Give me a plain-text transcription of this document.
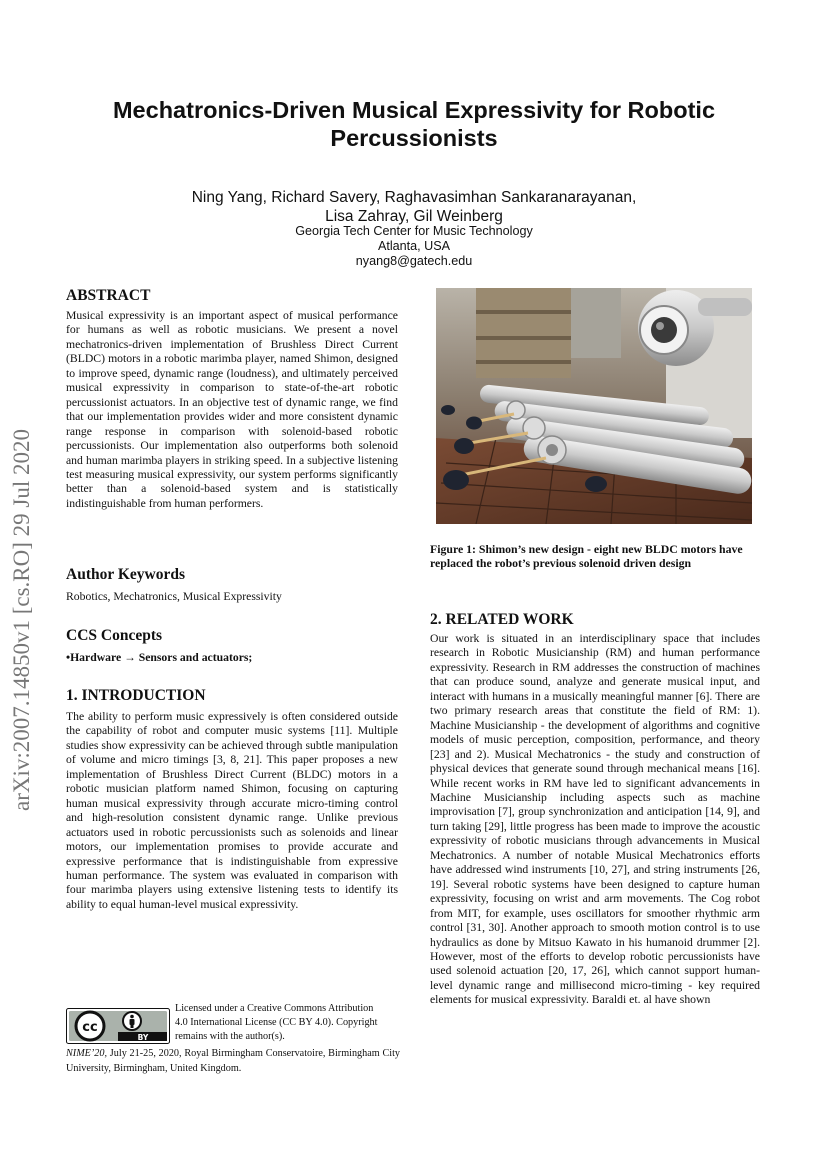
Mechatronics-Driven Musical Expressivity for Robotic Percussionists
Ning Yang, Richard Savery, Raghavasimhan Sankaranarayanan,
Lisa Zahray, Gil Weinberg
Georgia Tech Center for Music Technology
Atlanta, USA
nyang8@gatech.edu
arXiv:2007.14850v1 [cs.RO] 29 Jul 2020
ABSTRACT

Musical expressivity is an important aspect of musical performance for humans as well as robotic musicians. We present a novel mechatronics-driven implementation of Brushless Direct Current (BLDC) motors in a robotic marimba player, named Shimon, designed to improve speed, dynamic range (loudness), and ultimately perceived musical expressivity in comparison to state-of-the-art robotic percussionist actuators. In an objective test of dynamic range, we find that our implementation provides wider and more consistent dynamic range response in comparison with solenoid-based robotic percussionists. Our implementation also outperforms both solenoid and human marimba players in striking speed. In a subjective listening test measuring musical expressivity, our system performs significantly better than a solenoid-based system and is statistically indistinguishable from human performers.

Author Keywords

Robotics, Mechatronics, Musical Expressivity

CCS Concepts

•Hardware → Sensors and actuators;

1. INTRODUCTION

The ability to perform music expressively is often considered outside the capability of robot and computer music systems [11]. Multiple studies show expressivity can be achieved through subtle manipulation of volume and micro timings [3, 8, 21]. This paper proposes a new implementation of Brushless Direct Current (BLDC) motors in a robotic musician platform named Shimon, focusing on capturing human musical expressivity through accurate micro-timing control and high-resolution consistent dynamic range. Unlike previous actuators used in robotic percussionists such as solenoids and linear motors, our implementation promises to provide accurate and expressive performance that is indistinguishable from expressive human performance. The system was evaluated in comparison with four marimba players using extensive listening tests to identify its ability to equal human-level musical expressivity.

cc
BY
Licensed under a Creative Commons Attribution
4.0 International License (CC BY 4.0). Copyright
remains with the author(s).
NIME’20, July 21-25, 2020, Royal Birmingham Conservatoire, Birmingham City University, Birmingham, United Kingdom.
Figure 1: Shimon’s new design - eight new BLDC motors have replaced the robot’s previous solenoid driven design
2. RELATED WORK

Our work is situated in an interdisciplinary space that includes research in Robotic Musicianship (RM) and human performance expressivity. Research in RM addresses the construction of machines that can produce sound, analyze and generate musical input, and interact with humans in a musically meaningful manner [6]. There are two primary research areas that constitute the field of RM: 1). Machine Musicianship - the development of algorithms and cognitive models of music perception, composition, performance, and theory [23] and 2). Musical Mechatronics - the study and construction of physical devices that generate sound through mechanical means [16]. While recent works in RM have led to significant advancements in Machine Musicianship including aspects such as machine improvisation [7], group synchronization and anticipation [14, 9], and turn taking [29], little progress has been made to improve the acoustic expressivity of robotic musicians through advancements in Musical Mechatronics. A number of notable Musical Mechatronics efforts have addressed wind instruments [10, 27], and string instruments [26, 19]. Several robotic systems have been designed to capture human expressivity, focusing on wrist and arm movements. The Cog robot from MIT, for example, uses oscillators for smoother rhythmic arm control [31, 30]. Another approach to smooth motion control is to use hydraulics as done by Mitsuo Kawato in his humanoid drummer [2]. However, most of the efforts to develop robotic percussionists have used solenoid actuation [20, 17, 26], which cannot support human-level dynamic range and millisecond micro-timing - key required elements for musical expressivity. Baraldi et. al have shown
